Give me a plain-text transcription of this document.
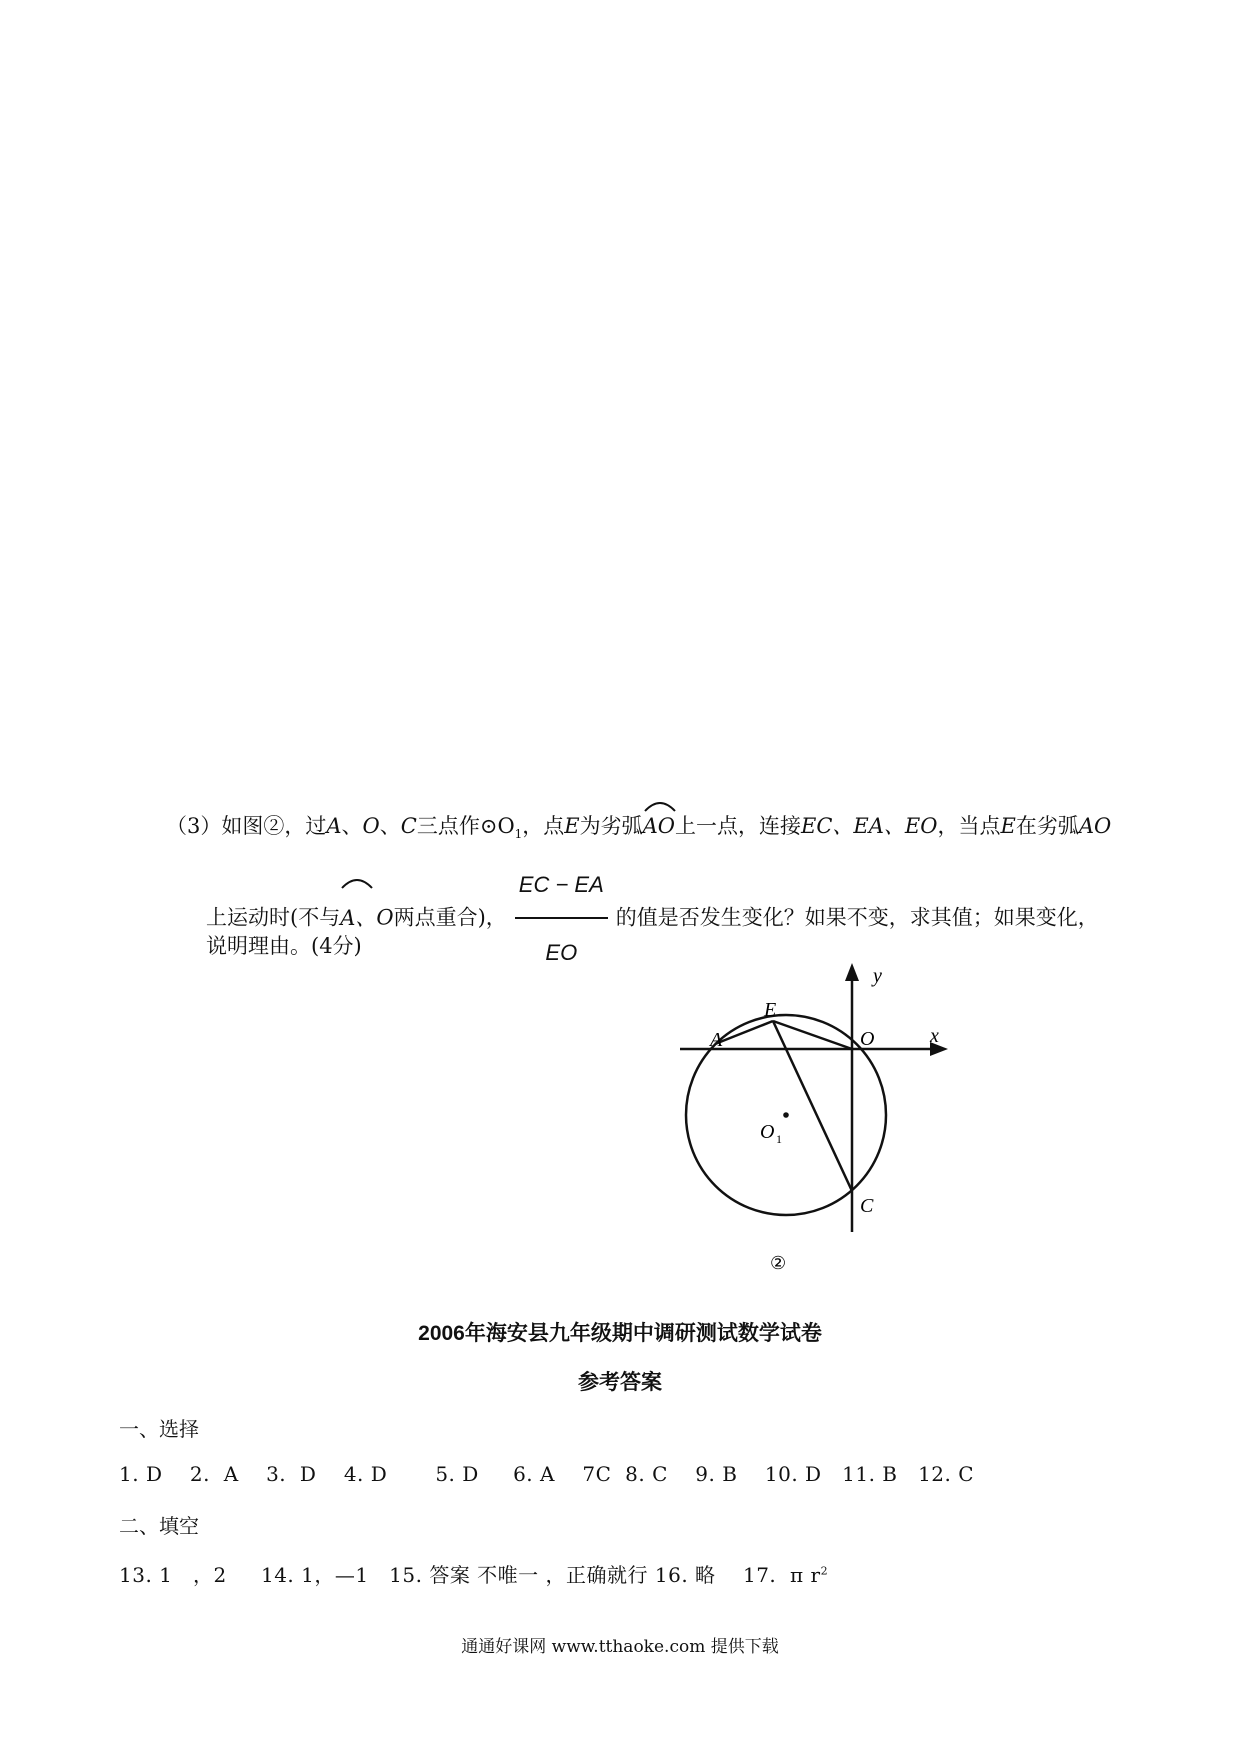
（3）如图②，过A、O、C三点作$⊙O_1$，点E为劣弧
AO上一点，连接EC、EA、EO，当点E在劣弧AO
上运动时(不与
A、O两点重合)， $\frac{EC - EA}{EO}$ 的值是否发生变化？如果不变，求其值；如果变化，
说明理由。(4分)
y
x
A
E
O
O 1
C
②
2006年海安县九年级期中调研测试数学试卷
参考答案
一、选择
1. D    2.  A    3.  D    4. D       5. D     6. A    7C  8. C    9. B    10. D   11. B   12. C
二、填空
13. 1   ，2     14. 1，—1   15. 答案 不唯一 ，正确就行 16. 略    17.  π $r^2$
通通好课网 www.tthaoke.com 提供下载
